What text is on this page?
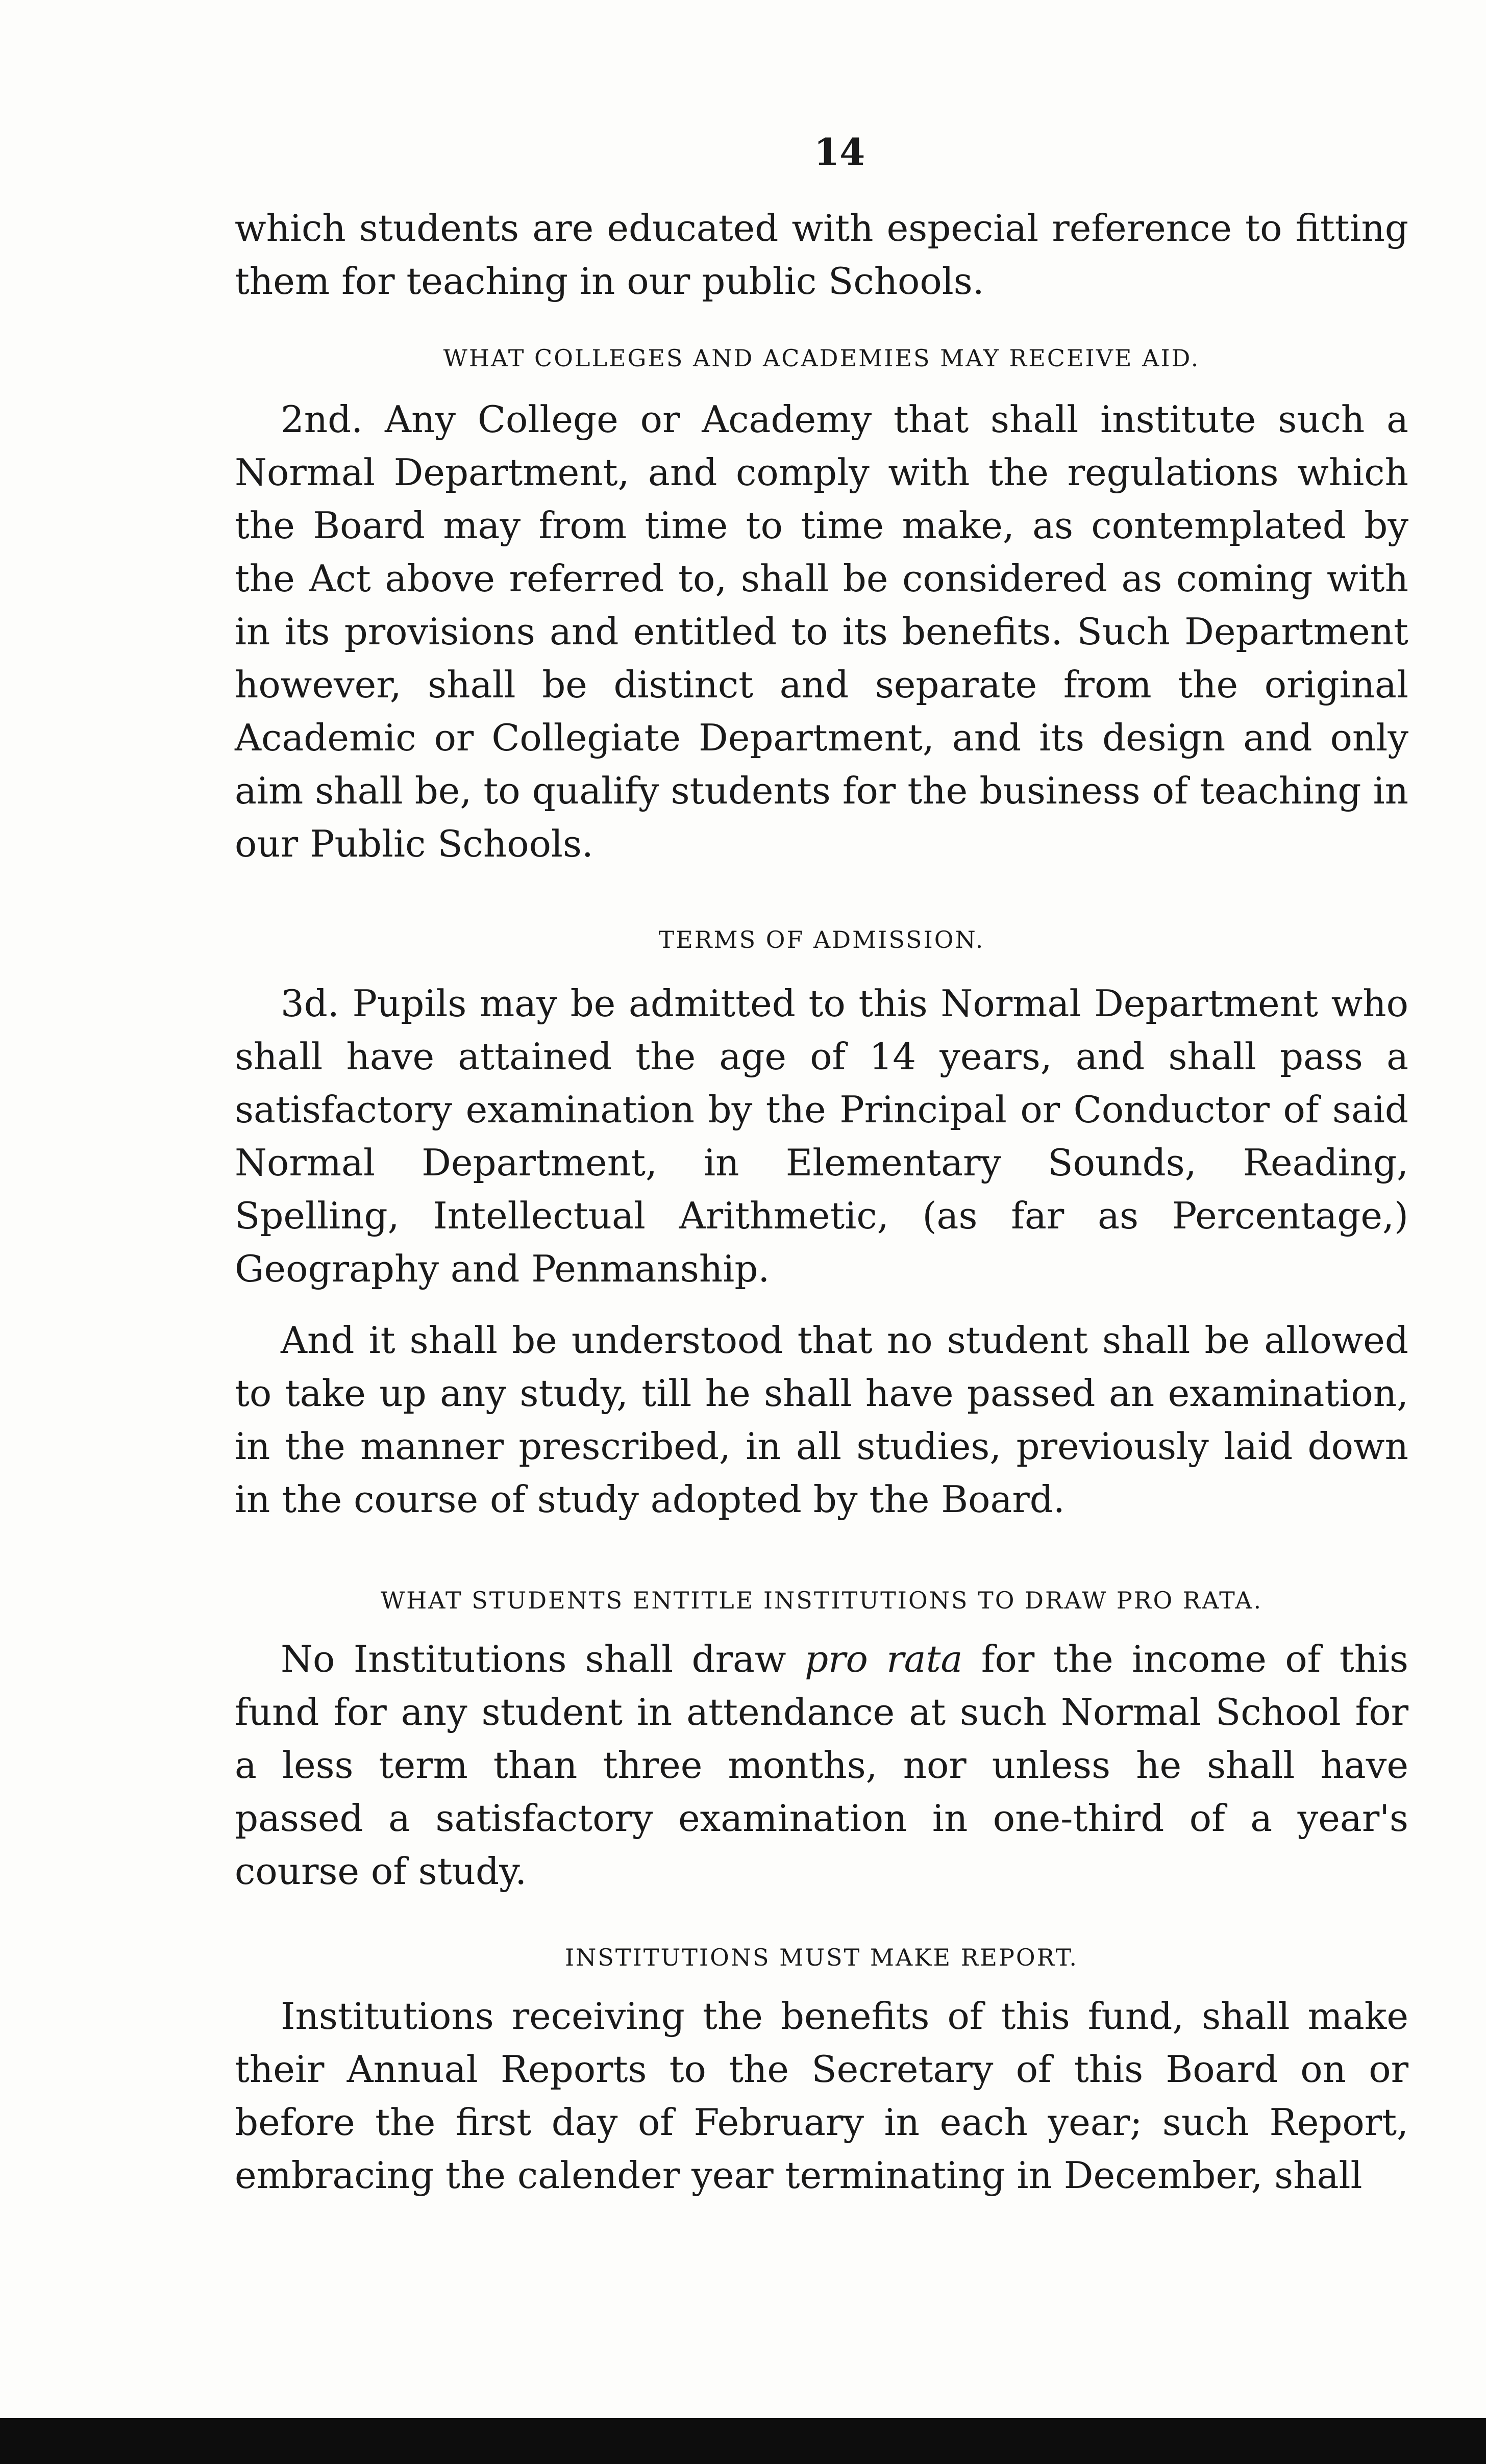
14

which students are educated with especial reference to fitting them for teaching in our public Schools.

WHAT COLLEGES AND ACADEMIES MAY RECEIVE AID.

2nd. Any College or Academy that shall institute such a Normal Department, and comply with the regulations which the Board may from time to time make, as contemplated by the Act above referred to, shall be considered as coming with in its provisions and entitled to its benefits. Such Department however, shall be distinct and separate from the original Academic or Collegiate Department, and its design and only aim shall be, to qualify students for the business of teaching in our Public Schools.

TERMS OF ADMISSION.

3d. Pupils may be admitted to this Normal Department who shall have attained the age of 14 years, and shall pass a satisfactory examination by the Principal or Conductor of said Normal Department, in Elementary Sounds, Reading, Spelling, Intellectual Arithmetic, (as far as Percentage,) Geography and Penmanship.

And it shall be understood that no student shall be allowed to take up any study, till he shall have passed an examination, in the manner prescribed, in all studies, previously laid down in the course of study adopted by the Board.

WHAT STUDENTS ENTITLE INSTITUTIONS TO DRAW PRO RATA.

No Institutions shall draw pro rata for the income of this fund for any student in attendance at such Normal School for a less term than three months, nor unless he shall have passed a satisfactory examination in one-third of a year's course of study.

INSTITUTIONS MUST MAKE REPORT.

Institutions receiving the benefits of this fund, shall make their Annual Reports to the Secretary of this Board on or before the first day of February in each year; such Report, embracing the calender year terminating in December, shall
